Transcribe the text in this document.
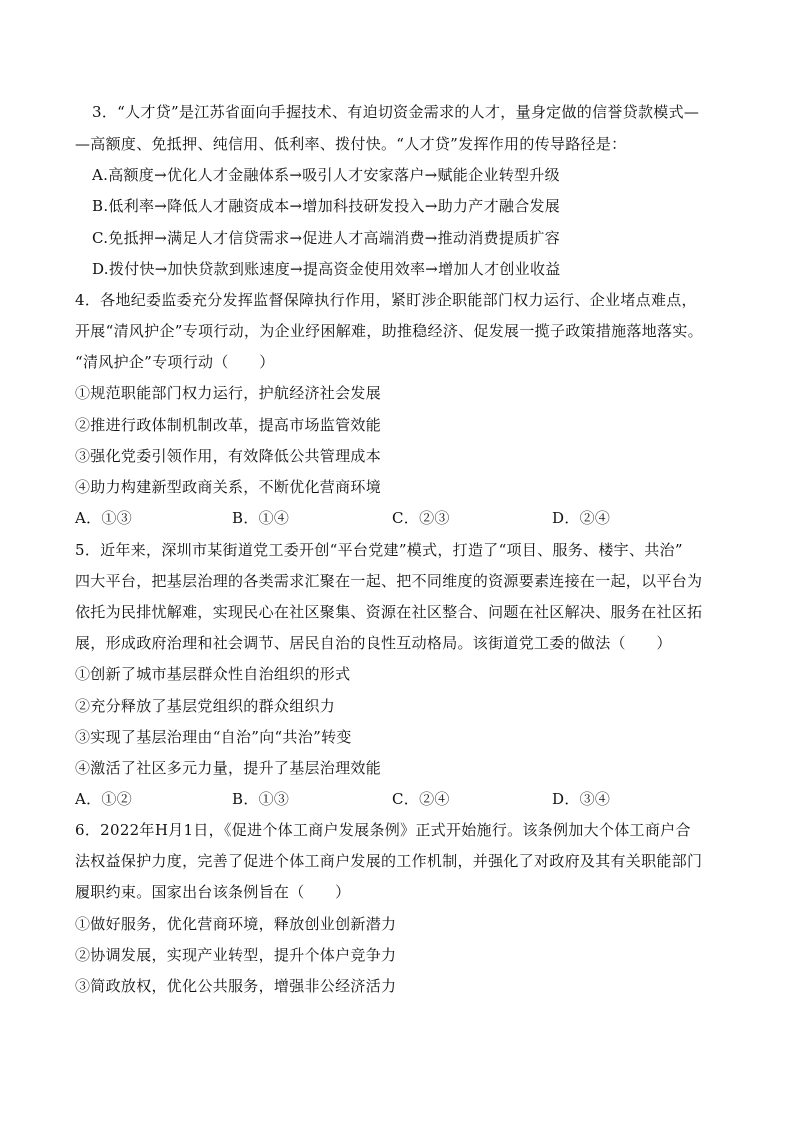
3．“人才贷”是江苏省面向手握技术、有迫切资金需求的人才，量身定做的信誉贷款模式—
—高额度、免抵押、纯信用、低利率、拨付快。“人才贷”发挥作用的传导路径是：
A.高额度→优化人才金融体系→吸引人才安家落户→赋能企业转型升级
B.低利率→降低人才融资成本→增加科技研发投入→助力产才融合发展
C.免抵押→满足人才信贷需求→促进人才高端消费→推动消费提质扩容
D.拨付快→加快贷款到账速度→提高资金使用效率→增加人才创业收益
4．各地纪委监委充分发挥监督保障执行作用，紧盯涉企职能部门权力运行、企业堵点难点，
开展“清风护企”专项行动，为企业纾困解难，助推稳经济、促发展一揽子政策措施落地落实。
“清风护企”专项行动（　　）
①规范职能部门权力运行，护航经济社会发展
②推进行政体制机制改革，提高市场监管效能
③强化党委引领作用，有效降低公共管理成本
④助力构建新型政商关系，不断优化营商环境
A．①③	B．①④	C．②③	D．②④
5．近年来，深圳市某街道党工委开创“平台党建”模式，打造了“项目、服务、楼宇、共治”
四大平台，把基层治理的各类需求汇聚在一起、把不同维度的资源要素连接在一起，以平台为
依托为民排忧解难，实现民心在社区聚集、资源在社区整合、问题在社区解决、服务在社区拓
展，形成政府治理和社会调节、居民自治的良性互动格局。该街道党工委的做法（　　）
①创新了城市基层群众性自治组织的形式
②充分释放了基层党组织的群众组织力
③实现了基层治理由“自治”向“共治”转变
④激活了社区多元力量，提升了基层治理效能
A．①②	B．①③	C．②④	D．③④
6．2022年H月1日，《促进个体工商户发展条例》正式开始施行。该条例加大个体工商户合
法权益保护力度，完善了促进个体工商户发展的工作机制，并强化了对政府及其有关职能部门
履职约束。国家出台该条例旨在（　　）
①做好服务，优化营商环境，释放创业创新潜力
②协调发展，实现产业转型，提升个体户竞争力
③简政放权，优化公共服务，增强非公经济活力
